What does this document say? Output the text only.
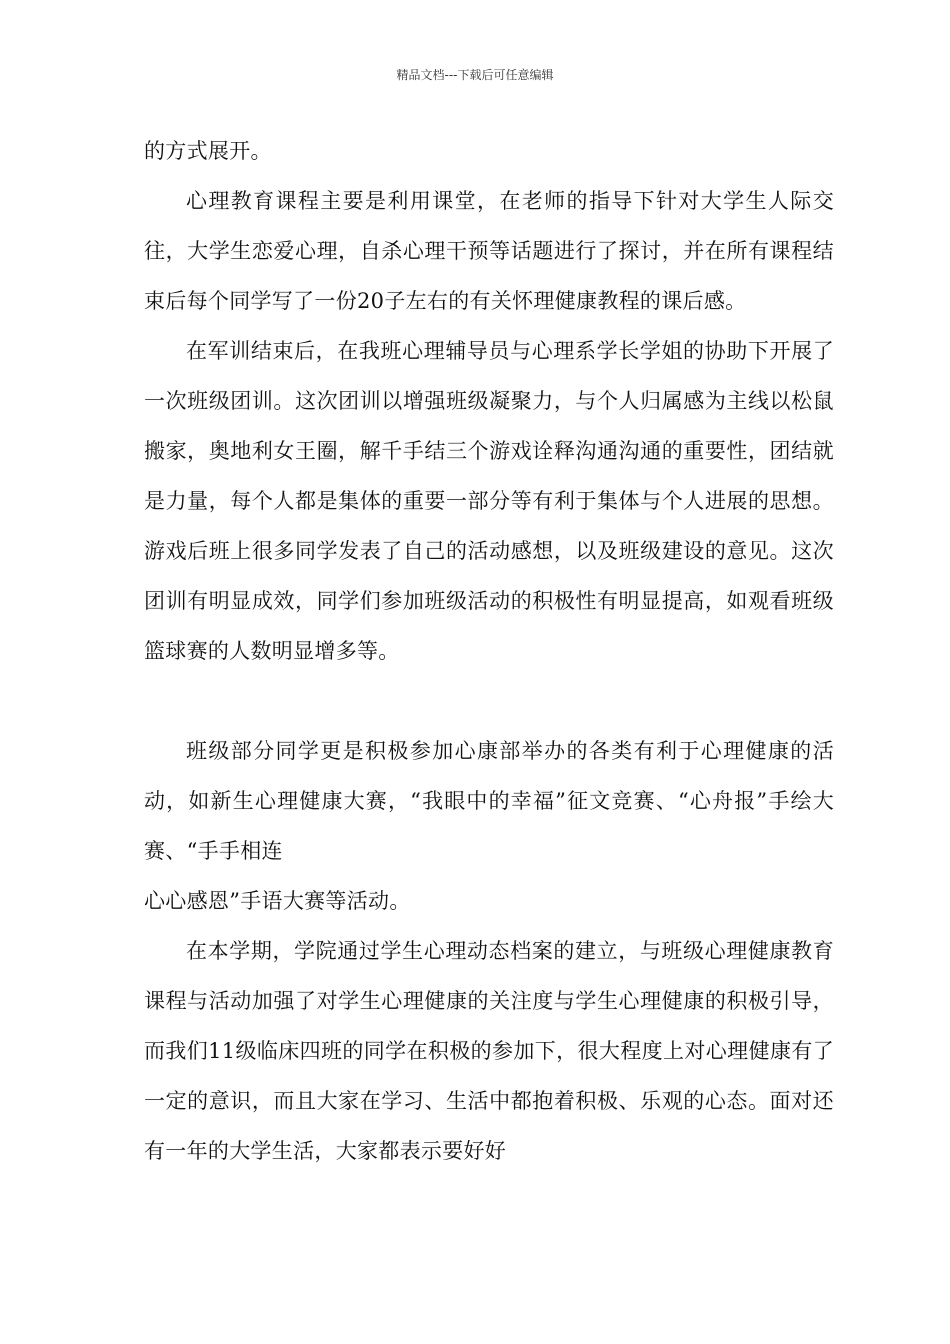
精品文档---下载后可任意编辑

的方式展开。

心理教育课程主要是利用课堂，在老师的指导下针对大学生人际交往，大学生恋爱心理，自杀心理干预等话题进行了探讨，并在所有课程结束后每个同学写了一份20子左右的有关怀理健康教程的课后感。

在军训结束后，在我班心理辅导员与心理系学长学姐的协助下开展了一次班级团训。这次团训以增强班级凝聚力，与个人归属感为主线以松鼠搬家，奥地利女王圈，解千手结三个游戏诠释沟通沟通的重要性，团结就是力量，每个人都是集体的重要一部分等有利于集体与个人进展的思想。游戏后班上很多同学发表了自己的活动感想，以及班级建设的意见。这次团训有明显成效，同学们参加班级活动的积极性有明显提高，如观看班级篮球赛的人数明显增多等。

班级部分同学更是积极参加心康部举办的各类有利于心理健康的活动，如新生心理健康大赛，“我眼中的幸福”征文竞赛、“心舟报”手绘大赛、“手手相连

心心感恩”手语大赛等活动。

在本学期，学院通过学生心理动态档案的建立，与班级心理健康教育课程与活动加强了对学生心理健康的关注度与学生心理健康的积极引导，而我们11级临床四班的同学在积极的参加下，很大程度上对心理健康有了一定的意识，而且大家在学习、生活中都抱着积极、乐观的心态。面对还有一年的大学生活，大家都表示要好好
